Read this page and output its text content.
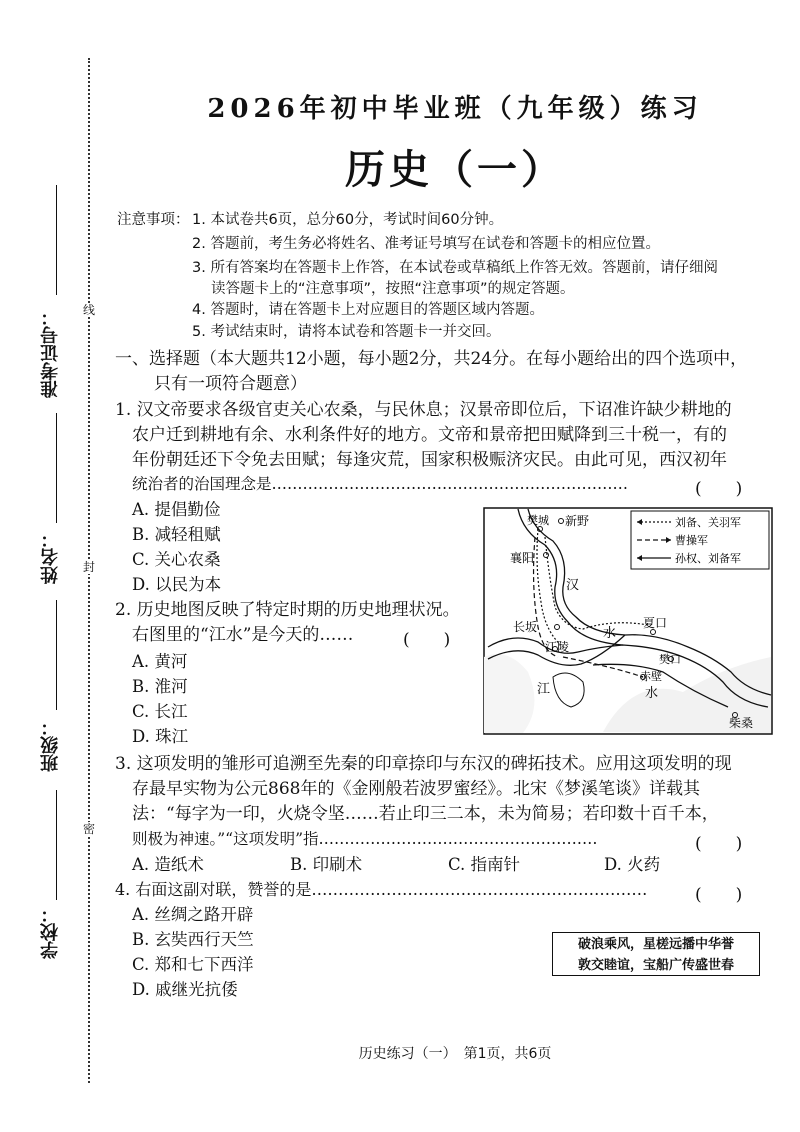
线
封
密
准考证号：
姓名：
班级：
学校：
2026年初中毕业班（九年级）练习
历史（一）
注意事项： 1. 本试卷共6页，总分60分，考试时间60分钟。
2. 答题前，考生务必将姓名、准考证号填写在试卷和答题卡的相应位置。
3. 所有答案均在答题卡上作答，在本试卷或草稿纸上作答无效。答题前，请仔细阅
读答题卡上的“注意事项”，按照“注意事项”的规定答题。
4. 答题时，请在答题卡上对应题目的答题区域内答题。
5. 考试结束时，请将本试卷和答题卡一并交回。
一、选择题（本大题共12小题，每小题2分，共24分。在每小题给出的四个选项中，
只有一项符合题意）
1. 汉文帝要求各级官吏关心农桑，与民休息；汉景帝即位后，下诏准许缺少耕地的
农户迁到耕地有余、水利条件好的地方。文帝和景帝把田赋降到三十税一，有的
年份朝廷还下令免去田赋；每逢灾荒，国家积极赈济灾民。由此可见，西汉初年
统治者的治国理念是……………………………………………………………	(　　)
A. 提倡勤俭
B. 减轻租赋
C. 关心农桑
D. 以民为本
2. 历史地图反映了特定时期的历史地理状况。
右图里的“江水”是今天的……	(　　)
A. 黄河
B. 淮河
C. 长江
D. 珠江
樊城 新野
襄阳
汉
长坂	水
夏口
江陵
樊口
赤壁
江	水
柴桑
刘备、关羽军
曹操军
孙权、刘备军
3. 这项发明的雏形可追溯至先秦的印章捺印与东汉的碑拓技术。应用这项发明的现
存最早实物为公元868年的《金刚般若波罗蜜经》。北宋《梦溪笔谈》详载其
法：“每字为一印，火烧令坚……若止印三二本，未为简易；若印数十百千本，
则极为神速。”“这项发明”指………………………………………………	(　　)
A. 造纸术	B. 印刷术	C. 指南针	D. 火药
4. 右面这副对联，赞誉的是………………………………………………………	(　　)
A. 丝绸之路开辟
B. 玄奘西行天竺
C. 郑和七下西洋
D. 戚继光抗倭
破浪乘风，星槎远播中华誉
敦交睦谊，宝船广传盛世春
历史练习（一）　第1页，共6页
